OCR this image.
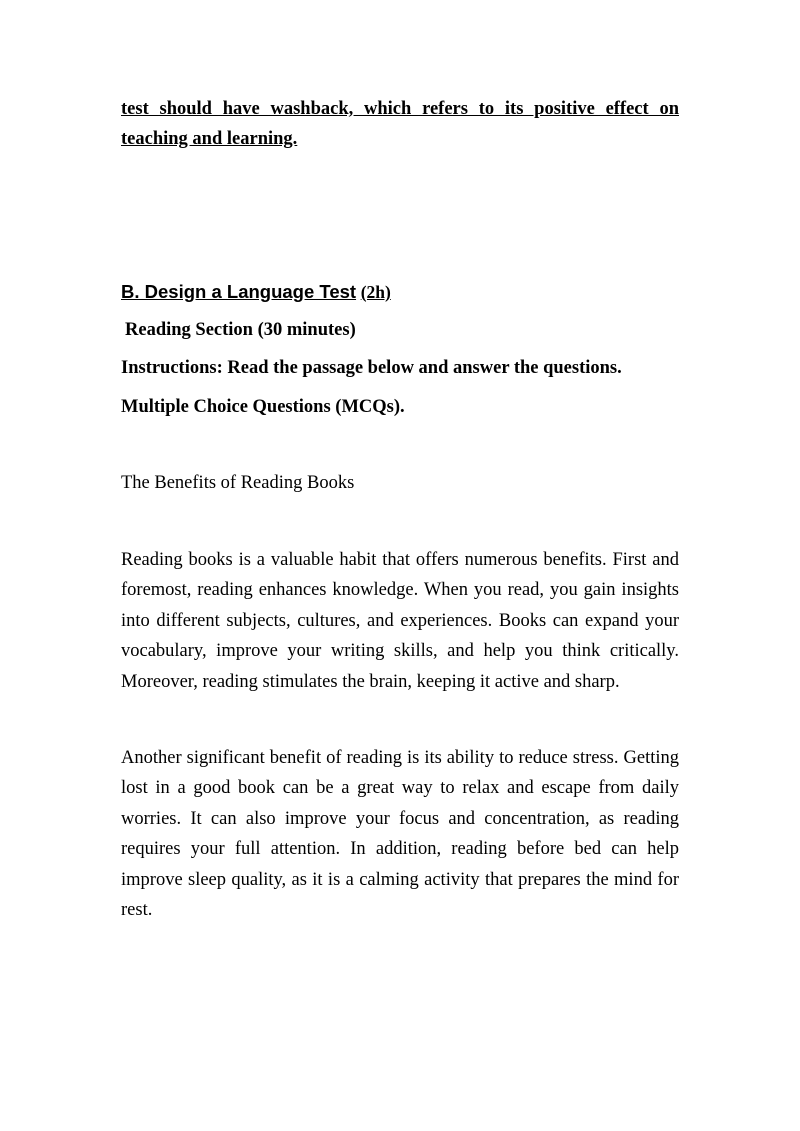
test should have washback, which refers to its positive effect on teaching and learning.
B. Design a Language Test (2h)
Reading Section (30 minutes)
Instructions: Read the passage below and answer the questions.
Multiple Choice Questions (MCQs).
The Benefits of Reading Books
Reading books is a valuable habit that offers numerous benefits. First and foremost, reading enhances knowledge. When you read, you gain insights into different subjects, cultures, and experiences. Books can expand your vocabulary, improve your writing skills, and help you think critically. Moreover, reading stimulates the brain, keeping it active and sharp.
Another significant benefit of reading is its ability to reduce stress. Getting lost in a good book can be a great way to relax and escape from daily worries. It can also improve your focus and concentration, as reading requires your full attention. In addition, reading before bed can help improve sleep quality, as it is a calming activity that prepares the mind for rest.
